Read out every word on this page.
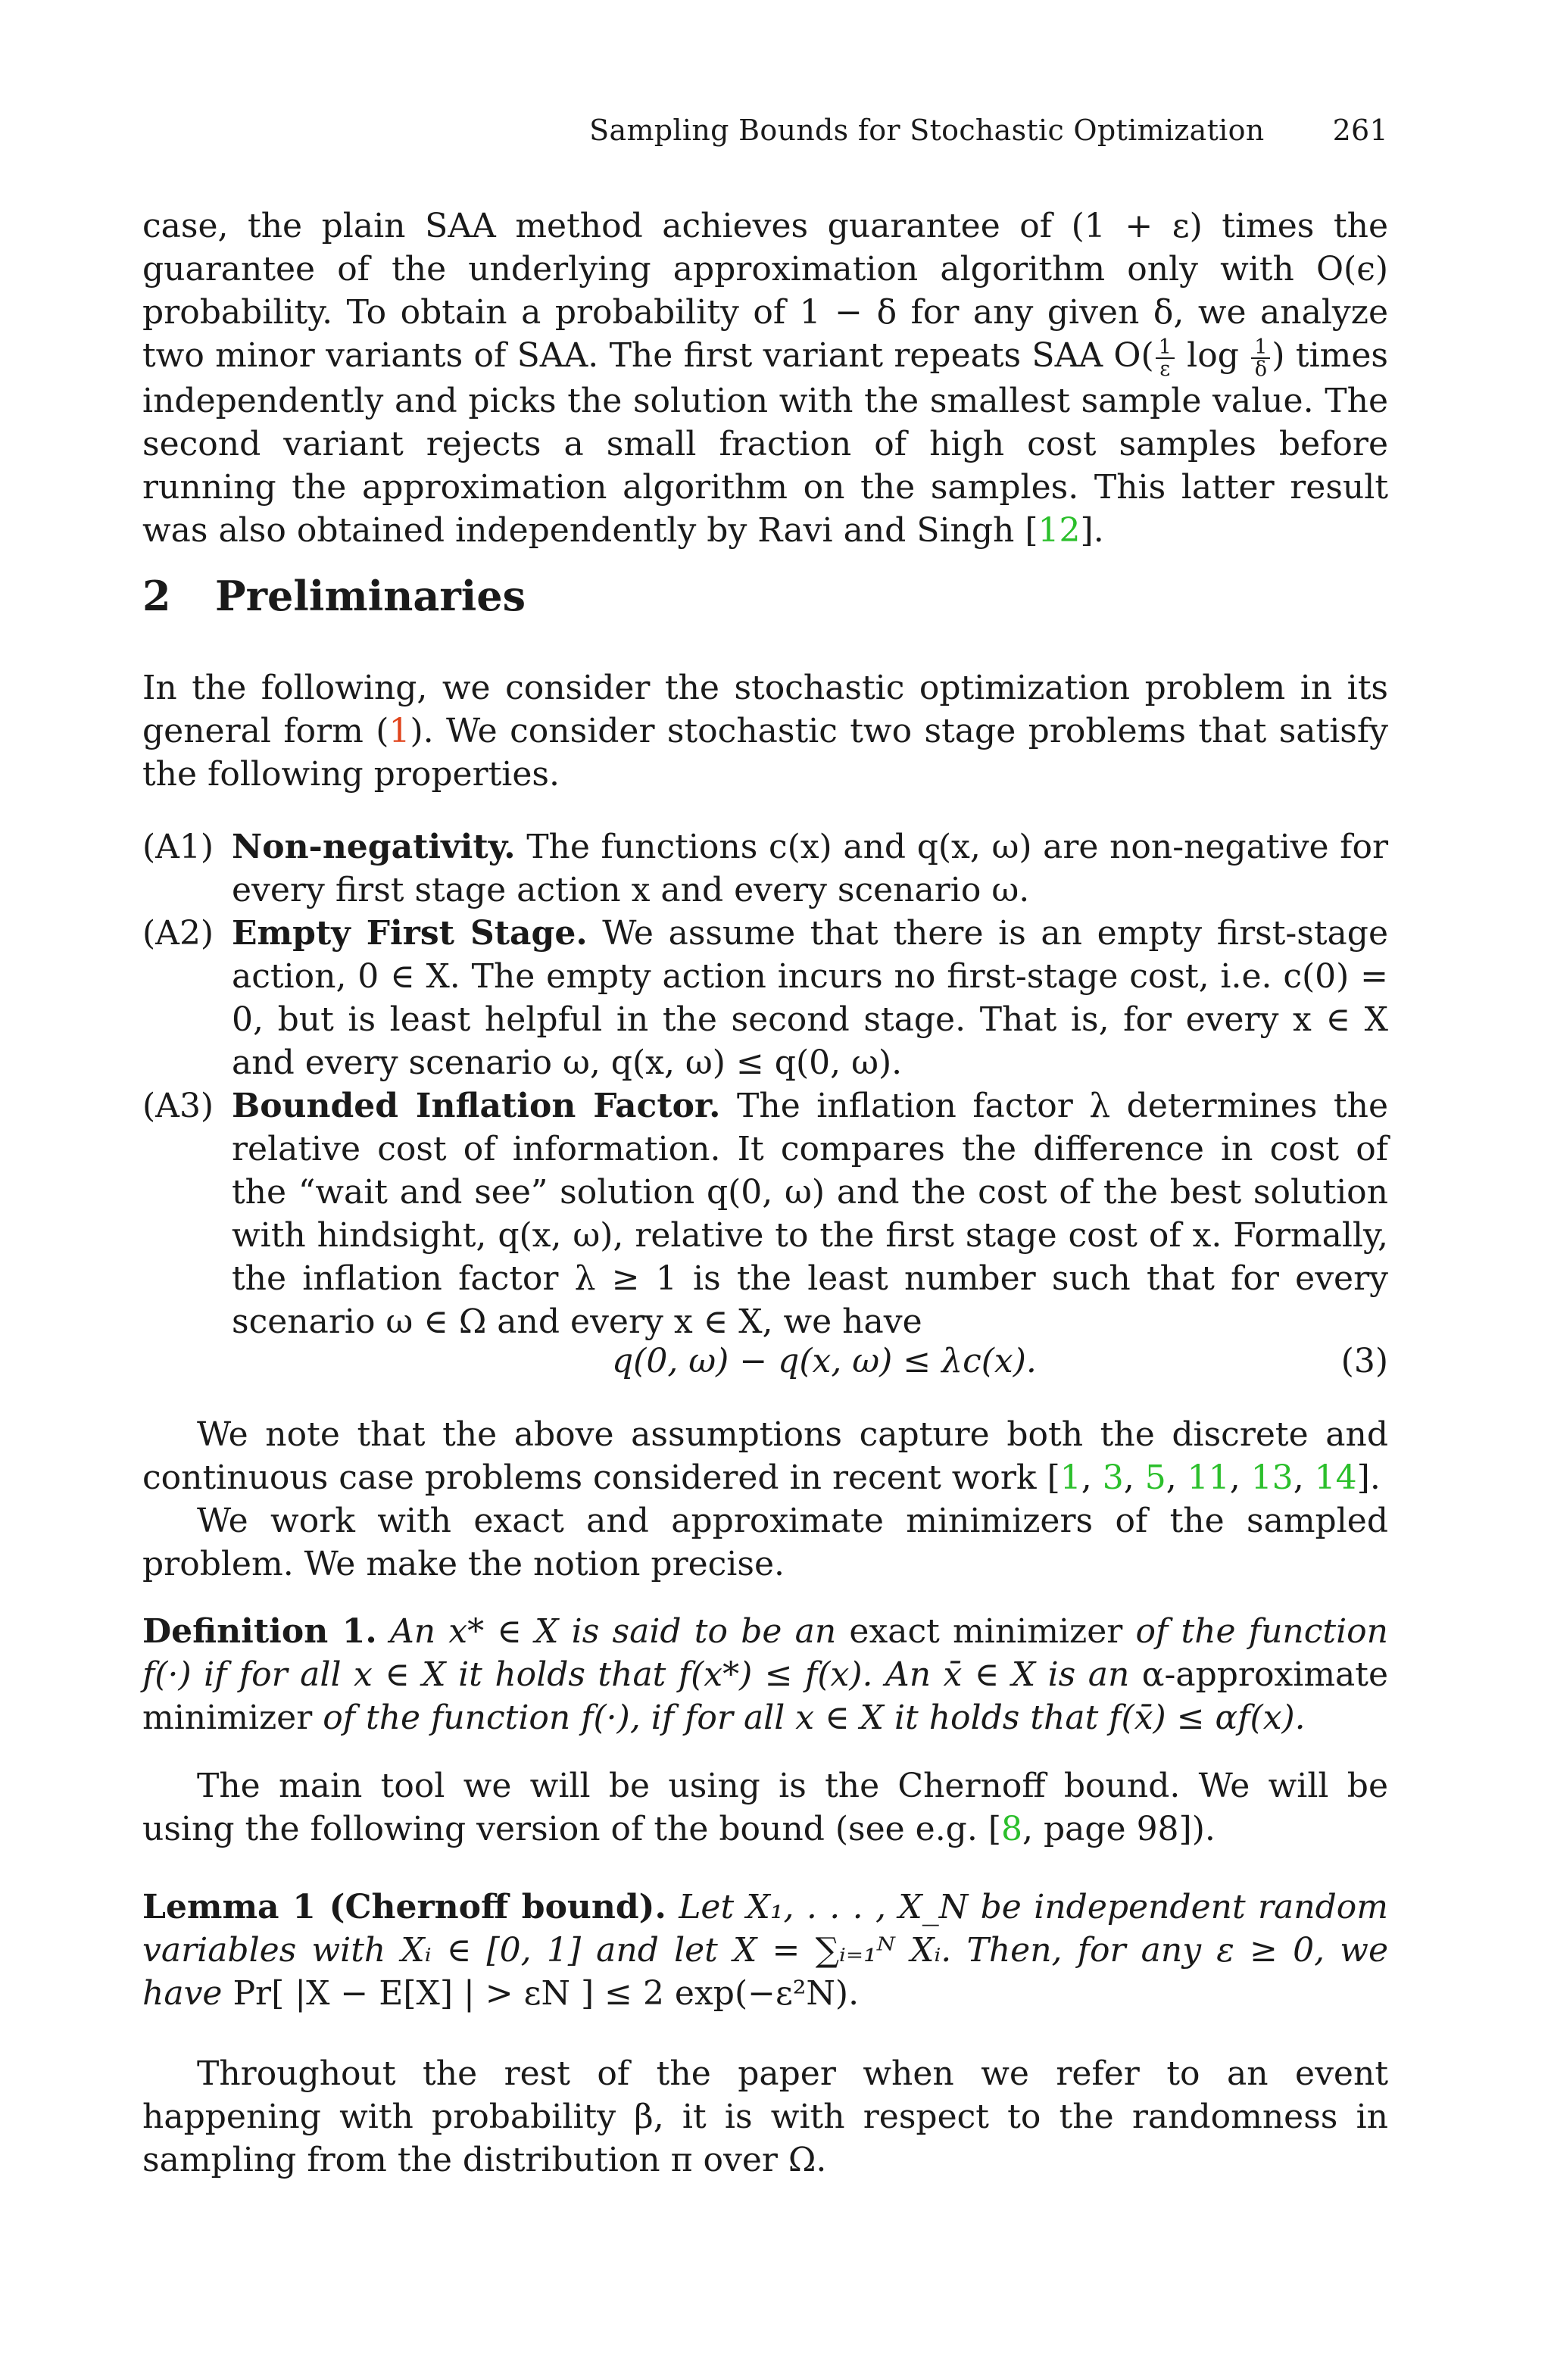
Sampling Bounds for Stochastic Optimization 261
case, the plain SAA method achieves guarantee of (1 + ε) times the guarantee of the underlying approximation algorithm only with O(ϵ) probability. To obtain a probability of 1 − δ for any given δ, we analyze two minor variants of SAA. The first variant repeats SAA $O( \frac{1}{\varepsilon}$ $\log \frac{1}{\delta}$ ) times independently and picks the solution with the smallest sample value. The second variant rejects a small fraction of high cost samples before running the approximation algorithm on the samples. This latter result was also obtained independently by Ravi and Singh [12].
2 Preliminaries
In the following, we consider the stochastic optimization problem in its general form (1). We consider stochastic two stage problems that satisfy the following properties.
(A1) Non-negativity. The functions c(x) and q(x, ω) are non-negative for every first stage action x and every scenario ω.
(A2) Empty First Stage. We assume that there is an empty first-stage action, 0 ∈ X. The empty action incurs no first-stage cost, i.e. c(0) = 0, but is least helpful in the second stage. That is, for every x ∈ X and every scenario ω, q(x, ω) ≤ q(0, ω).
(A3) Bounded Inflation Factor. The inflation factor λ determines the relative cost of information. It compares the difference in cost of the “wait and see” solution q(0, ω) and the cost of the best solution with hindsight, q(x, ω), relative to the first stage cost of x. Formally, the inflation factor λ ≥ 1 is the least number such that for every scenario ω ∈ Ω and every x ∈ X, we have
q(0, ω) − q(x, ω) ≤ λc(x).	(3)
We note that the above assumptions capture both the discrete and continuous case problems considered in recent work [1, 3, 5, 11, 13, 14].
We work with exact and approximate minimizers of the sampled problem. We make the notion precise.
Definition 1. An x* ∈ X is said to be an exact minimizer of the function f(·) if for all x ∈ X it holds that f(x*) ≤ f(x). An x̄ ∈ X is an α-approximate minimizer of the function f(·), if for all x ∈ X it holds that f(x̄) ≤ αf(x).
The main tool we will be using is the Chernoff bound. We will be using the following version of the bound (see e.g. [8, page 98]).
Lemma 1 (Chernoff bound). Let X₁, . . . , X_N be independent random variables with Xᵢ ∈ [0, 1] and let X = ∑ᵢ₌₁ᴺ Xᵢ. Then, for any ε ≥ 0, we have Pr[ |X − E[X] | > εN ] ≤ 2 exp(−ε²N).
Throughout the rest of the paper when we refer to an event happening with probability β, it is with respect to the randomness in sampling from the distribution π over Ω.
